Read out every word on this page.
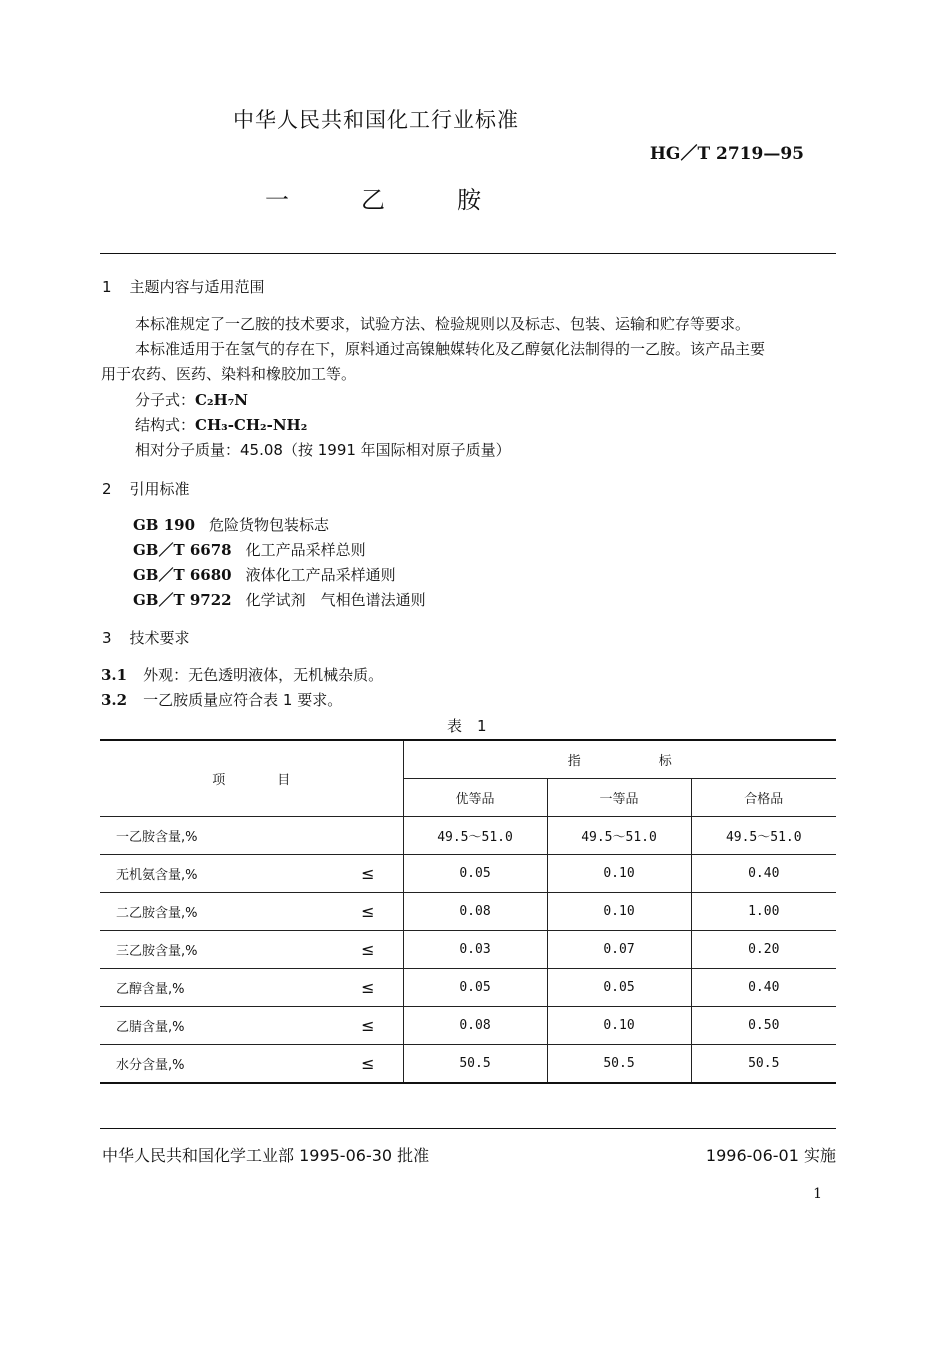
中华人民共和国化工行业标准
HG／T 2719—95
一	乙	胺
1 主题内容与适用范围
本标准规定了一乙胺的技术要求，试验方法、检验规则以及标志、包装、运输和贮存等要求。
本标准适用于在氢气的存在下，原料通过高镍触媒转化及乙醇氨化法制得的一乙胺。该产品主要
用于农药、医药、染料和橡胶加工等。
分子式：C₂H₇N
结构式：CH₃-CH₂-NH₂
相对分子质量：45.08（按 1991 年国际相对原子质量）
2 引用标准
GB 190 危险货物包装标志
GB／T 6678 化工产品采样总则
GB／T 6680 液体化工产品采样通则
GB／T 9722 化学试剂　气相色谱法通则
3 技术要求
3.1 外观：无色透明液体，无机械杂质。
3.2 一乙胺质量应符合表 1 要求。
表　1
项　　　　目	指　　　　　　标		
	优等品	一等品	合格品
一乙胺含量,%	49.5～51.0	49.5～51.0	49.5～51.0
无机氨含量,% ≤	0.05	0.10	0.40
二乙胺含量,% ≤	0.08	0.10	1.00
三乙胺含量,% ≤	0.03	0.07	0.20
乙醇含量,% ≤	0.05	0.05	0.40
乙腈含量,% ≤	0.08	0.10	0.50
水分含量,% ≤	50.5	50.5	50.5
中华人民共和国化学工业部 1995-06-30 批准	1996-06-01 实施
1
